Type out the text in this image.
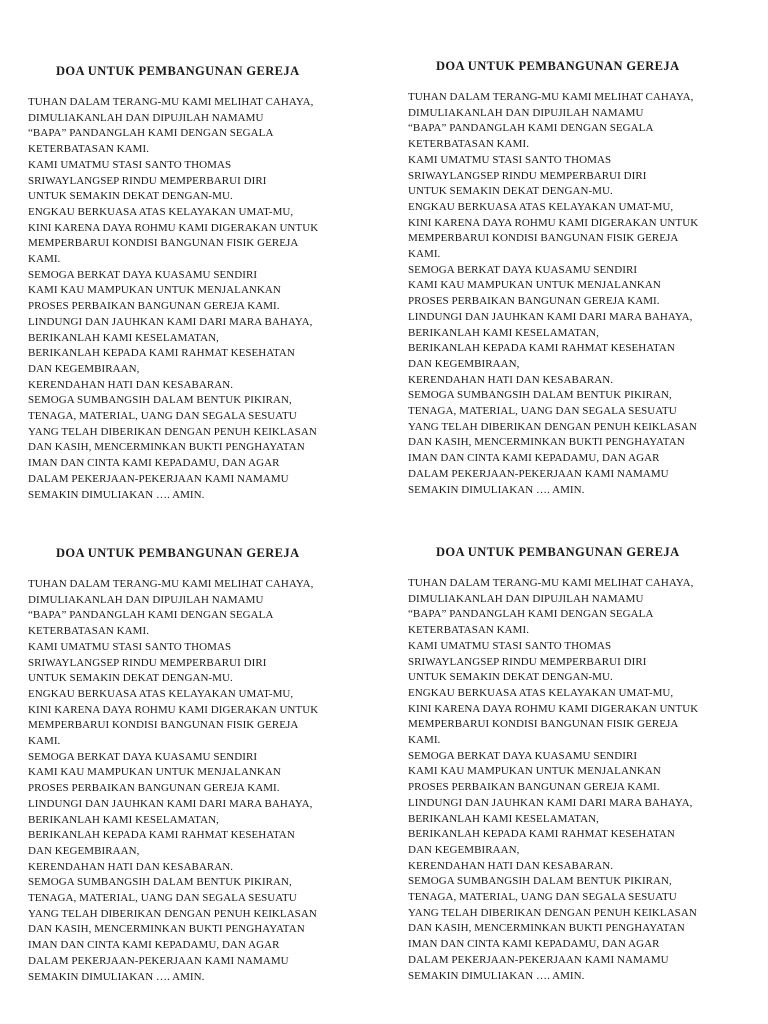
DOA UNTUK PEMBANGUNAN GEREJA
TUHAN DALAM TERANG-MU KAMI MELIHAT CAHAYA,
DIMULIAKANLAH DAN DIPUJILAH NAMAMU
“BAPA” PANDANGLAH KAMI DENGAN SEGALA
KETERBATASAN KAMI.
KAMI UMATMU STASI SANTO THOMAS
SRIWAYLANGSEP RINDU MEMPERBARUI DIRI
UNTUK SEMAKIN DEKAT DENGAN-MU.
ENGKAU BERKUASA ATAS KELAYAKAN UMAT-MU,
KINI KARENA DAYA ROHMU KAMI DIGERAKAN UNTUK
MEMPERBARUI KONDISI BANGUNAN FISIK GEREJA
KAMI.
SEMOGA BERKAT DAYA KUASAMU SENDIRI
KAMI KAU MAMPUKAN UNTUK MENJALANKAN
PROSES PERBAIKAN BANGUNAN GEREJA KAMI.
LINDUNGI DAN JAUHKAN KAMI DARI MARA BAHAYA,
BERIKANLAH KAMI KESELAMATAN,
BERIKANLAH KEPADA KAMI RAHMAT KESEHATAN
DAN KEGEMBIRAAN,
KERENDAHAN HATI DAN KESABARAN.
SEMOGA SUMBANGSIH DALAM BENTUK PIKIRAN,
TENAGA, MATERIAL, UANG DAN SEGALA SESUATU
YANG TELAH DIBERIKAN DENGAN PENUH KEIKLASAN
DAN KASIH, MENCERMINKAN BUKTI PENGHAYATAN
IMAN DAN CINTA KAMI KEPADAMU, DAN AGAR
DALAM PEKERJAAN-PEKERJAAN KAMI NAMAMU
SEMAKIN DIMULIAKAN …. AMIN.
DOA UNTUK PEMBANGUNAN GEREJA
TUHAN DALAM TERANG-MU KAMI MELIHAT CAHAYA,
DIMULIAKANLAH DAN DIPUJILAH NAMAMU
“BAPA” PANDANGLAH KAMI DENGAN SEGALA
KETERBATASAN KAMI.
KAMI UMATMU STASI SANTO THOMAS
SRIWAYLANGSEP RINDU MEMPERBARUI DIRI
UNTUK SEMAKIN DEKAT DENGAN-MU.
ENGKAU BERKUASA ATAS KELAYAKAN UMAT-MU,
KINI KARENA DAYA ROHMU KAMI DIGERAKAN UNTUK
MEMPERBARUI KONDISI BANGUNAN FISIK GEREJA
KAMI.
SEMOGA BERKAT DAYA KUASAMU SENDIRI
KAMI KAU MAMPUKAN UNTUK MENJALANKAN
PROSES PERBAIKAN BANGUNAN GEREJA KAMI.
LINDUNGI DAN JAUHKAN KAMI DARI MARA BAHAYA,
BERIKANLAH KAMI KESELAMATAN,
BERIKANLAH KEPADA KAMI RAHMAT KESEHATAN
DAN KEGEMBIRAAN,
KERENDAHAN HATI DAN KESABARAN.
SEMOGA SUMBANGSIH DALAM BENTUK PIKIRAN,
TENAGA, MATERIAL, UANG DAN SEGALA SESUATU
YANG TELAH DIBERIKAN DENGAN PENUH KEIKLASAN
DAN KASIH, MENCERMINKAN BUKTI PENGHAYATAN
IMAN DAN CINTA KAMI KEPADAMU, DAN AGAR
DALAM PEKERJAAN-PEKERJAAN KAMI NAMAMU
SEMAKIN DIMULIAKAN …. AMIN.
DOA UNTUK PEMBANGUNAN GEREJA
TUHAN DALAM TERANG-MU KAMI MELIHAT CAHAYA,
DIMULIAKANLAH DAN DIPUJILAH NAMAMU
“BAPA” PANDANGLAH KAMI DENGAN SEGALA
KETERBATASAN KAMI.
KAMI UMATMU STASI SANTO THOMAS
SRIWAYLANGSEP RINDU MEMPERBARUI DIRI
UNTUK SEMAKIN DEKAT DENGAN-MU.
ENGKAU BERKUASA ATAS KELAYAKAN UMAT-MU,
KINI KARENA DAYA ROHMU KAMI DIGERAKAN UNTUK
MEMPERBARUI KONDISI BANGUNAN FISIK GEREJA
KAMI.
SEMOGA BERKAT DAYA KUASAMU SENDIRI
KAMI KAU MAMPUKAN UNTUK MENJALANKAN
PROSES PERBAIKAN BANGUNAN GEREJA KAMI.
LINDUNGI DAN JAUHKAN KAMI DARI MARA BAHAYA,
BERIKANLAH KAMI KESELAMATAN,
BERIKANLAH KEPADA KAMI RAHMAT KESEHATAN
DAN KEGEMBIRAAN,
KERENDAHAN HATI DAN KESABARAN.
SEMOGA SUMBANGSIH DALAM BENTUK PIKIRAN,
TENAGA, MATERIAL, UANG DAN SEGALA SESUATU
YANG TELAH DIBERIKAN DENGAN PENUH KEIKLASAN
DAN KASIH, MENCERMINKAN BUKTI PENGHAYATAN
IMAN DAN CINTA KAMI KEPADAMU, DAN AGAR
DALAM PEKERJAAN-PEKERJAAN KAMI NAMAMU
SEMAKIN DIMULIAKAN …. AMIN.
DOA UNTUK PEMBANGUNAN GEREJA
TUHAN DALAM TERANG-MU KAMI MELIHAT CAHAYA,
DIMULIAKANLAH DAN DIPUJILAH NAMAMU
“BAPA” PANDANGLAH KAMI DENGAN SEGALA
KETERBATASAN KAMI.
KAMI UMATMU STASI SANTO THOMAS
SRIWAYLANGSEP RINDU MEMPERBARUI DIRI
UNTUK SEMAKIN DEKAT DENGAN-MU.
ENGKAU BERKUASA ATAS KELAYAKAN UMAT-MU,
KINI KARENA DAYA ROHMU KAMI DIGERAKAN UNTUK
MEMPERBARUI KONDISI BANGUNAN FISIK GEREJA
KAMI.
SEMOGA BERKAT DAYA KUASAMU SENDIRI
KAMI KAU MAMPUKAN UNTUK MENJALANKAN
PROSES PERBAIKAN BANGUNAN GEREJA KAMI.
LINDUNGI DAN JAUHKAN KAMI DARI MARA BAHAYA,
BERIKANLAH KAMI KESELAMATAN,
BERIKANLAH KEPADA KAMI RAHMAT KESEHATAN
DAN KEGEMBIRAAN,
KERENDAHAN HATI DAN KESABARAN.
SEMOGA SUMBANGSIH DALAM BENTUK PIKIRAN,
TENAGA, MATERIAL, UANG DAN SEGALA SESUATU
YANG TELAH DIBERIKAN DENGAN PENUH KEIKLASAN
DAN KASIH, MENCERMINKAN BUKTI PENGHAYATAN
IMAN DAN CINTA KAMI KEPADAMU, DAN AGAR
DALAM PEKERJAAN-PEKERJAAN KAMI NAMAMU
SEMAKIN DIMULIAKAN …. AMIN.
